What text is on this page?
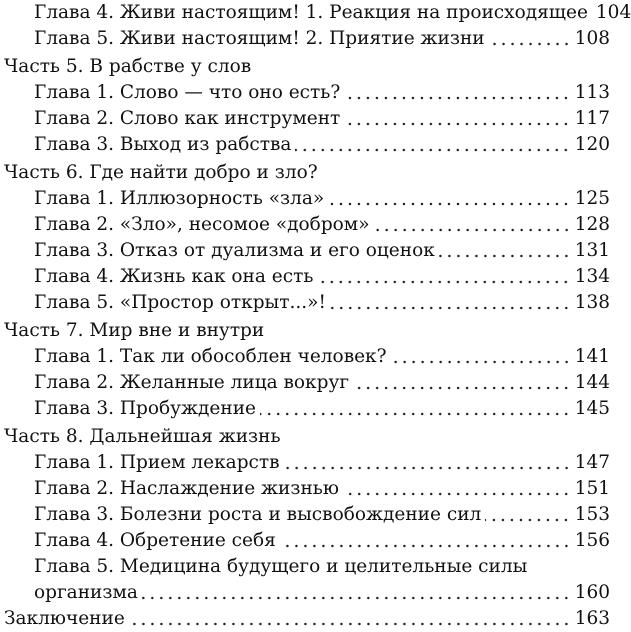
Глава 4. Живи настоящим! 1. Реакция на происходящее 104
Глава 5. Живи настоящим! 2. Приятие жизни	108
Часть 5. В рабстве у слов
Глава 1. Слово — что оно есть?	113
Глава 2. Слово как инструмент	117
Глава 3. Выход из рабства	120
Часть 6. Где найти добро и зло?
Глава 1. Иллюзорность «зла»	125
Глава 2. «Зло», несомое «добром»	128
Глава 3. Отказ от дуализма и его оценок	131
Глава 4. Жизнь как она есть	134
Глава 5. «Простор открыт...»!	138
Часть 7. Мир вне и внутри
Глава 1. Так ли обособлен человек?	141
Глава 2. Желанные лица вокруг	144
Глава 3. Пробуждение	145
Часть 8. Дальнейшая жизнь
Глава 1. Прием лекарств	147
Глава 2. Наслаждение жизнью	151
Глава 3. Болезни роста и высвобождение сил	153
Глава 4. Обретение себя	156
Глава 5. Медицина будущего и целительные силы
организма	160
Заключение	163
